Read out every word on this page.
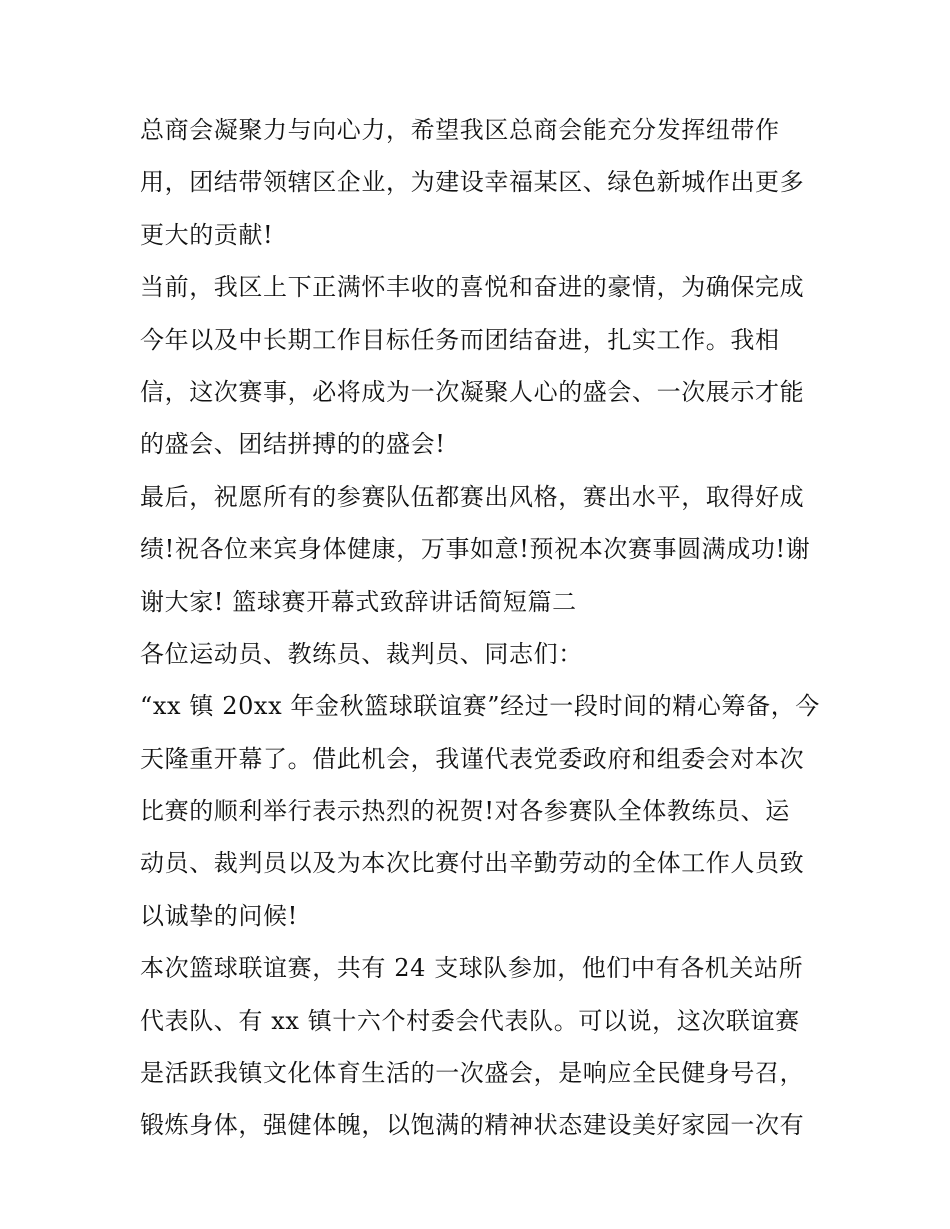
总商会凝聚力与向心力，希望我区总商会能充分发挥纽带作
用，团结带领辖区企业，为建设幸福某区、绿色新城作出更多
更大的贡献!
当前，我区上下正满怀丰收的喜悦和奋进的豪情，为确保完成
今年以及中长期工作目标任务而团结奋进，扎实工作。我相
信，这次赛事，必将成为一次凝聚人心的盛会、一次展示才能
的盛会、团结拼搏的的盛会!
最后，祝愿所有的参赛队伍都赛出风格，赛出水平，取得好成
绩!祝各位来宾身体健康，万事如意!预祝本次赛事圆满成功!谢
谢大家! 篮球赛开幕式致辞讲话简短篇二
各位运动员、教练员、裁判员、同志们：
“xx 镇 20xx 年金秋篮球联谊赛”经过一段时间的精心筹备，今
天隆重开幕了。借此机会，我谨代表党委政府和组委会对本次
比赛的顺利举行表示热烈的祝贺!对各参赛队全体教练员、运
动员、裁判员以及为本次比赛付出辛勤劳动的全体工作人员致
以诚挚的问候!
本次篮球联谊赛，共有 24 支球队参加，他们中有各机关站所
代表队、有 xx 镇十六个村委会代表队。可以说，这次联谊赛
是活跃我镇文化体育生活的一次盛会，是响应全民健身号召，
锻炼身体，强健体魄，以饱满的精神状态建设美好家园一次有
